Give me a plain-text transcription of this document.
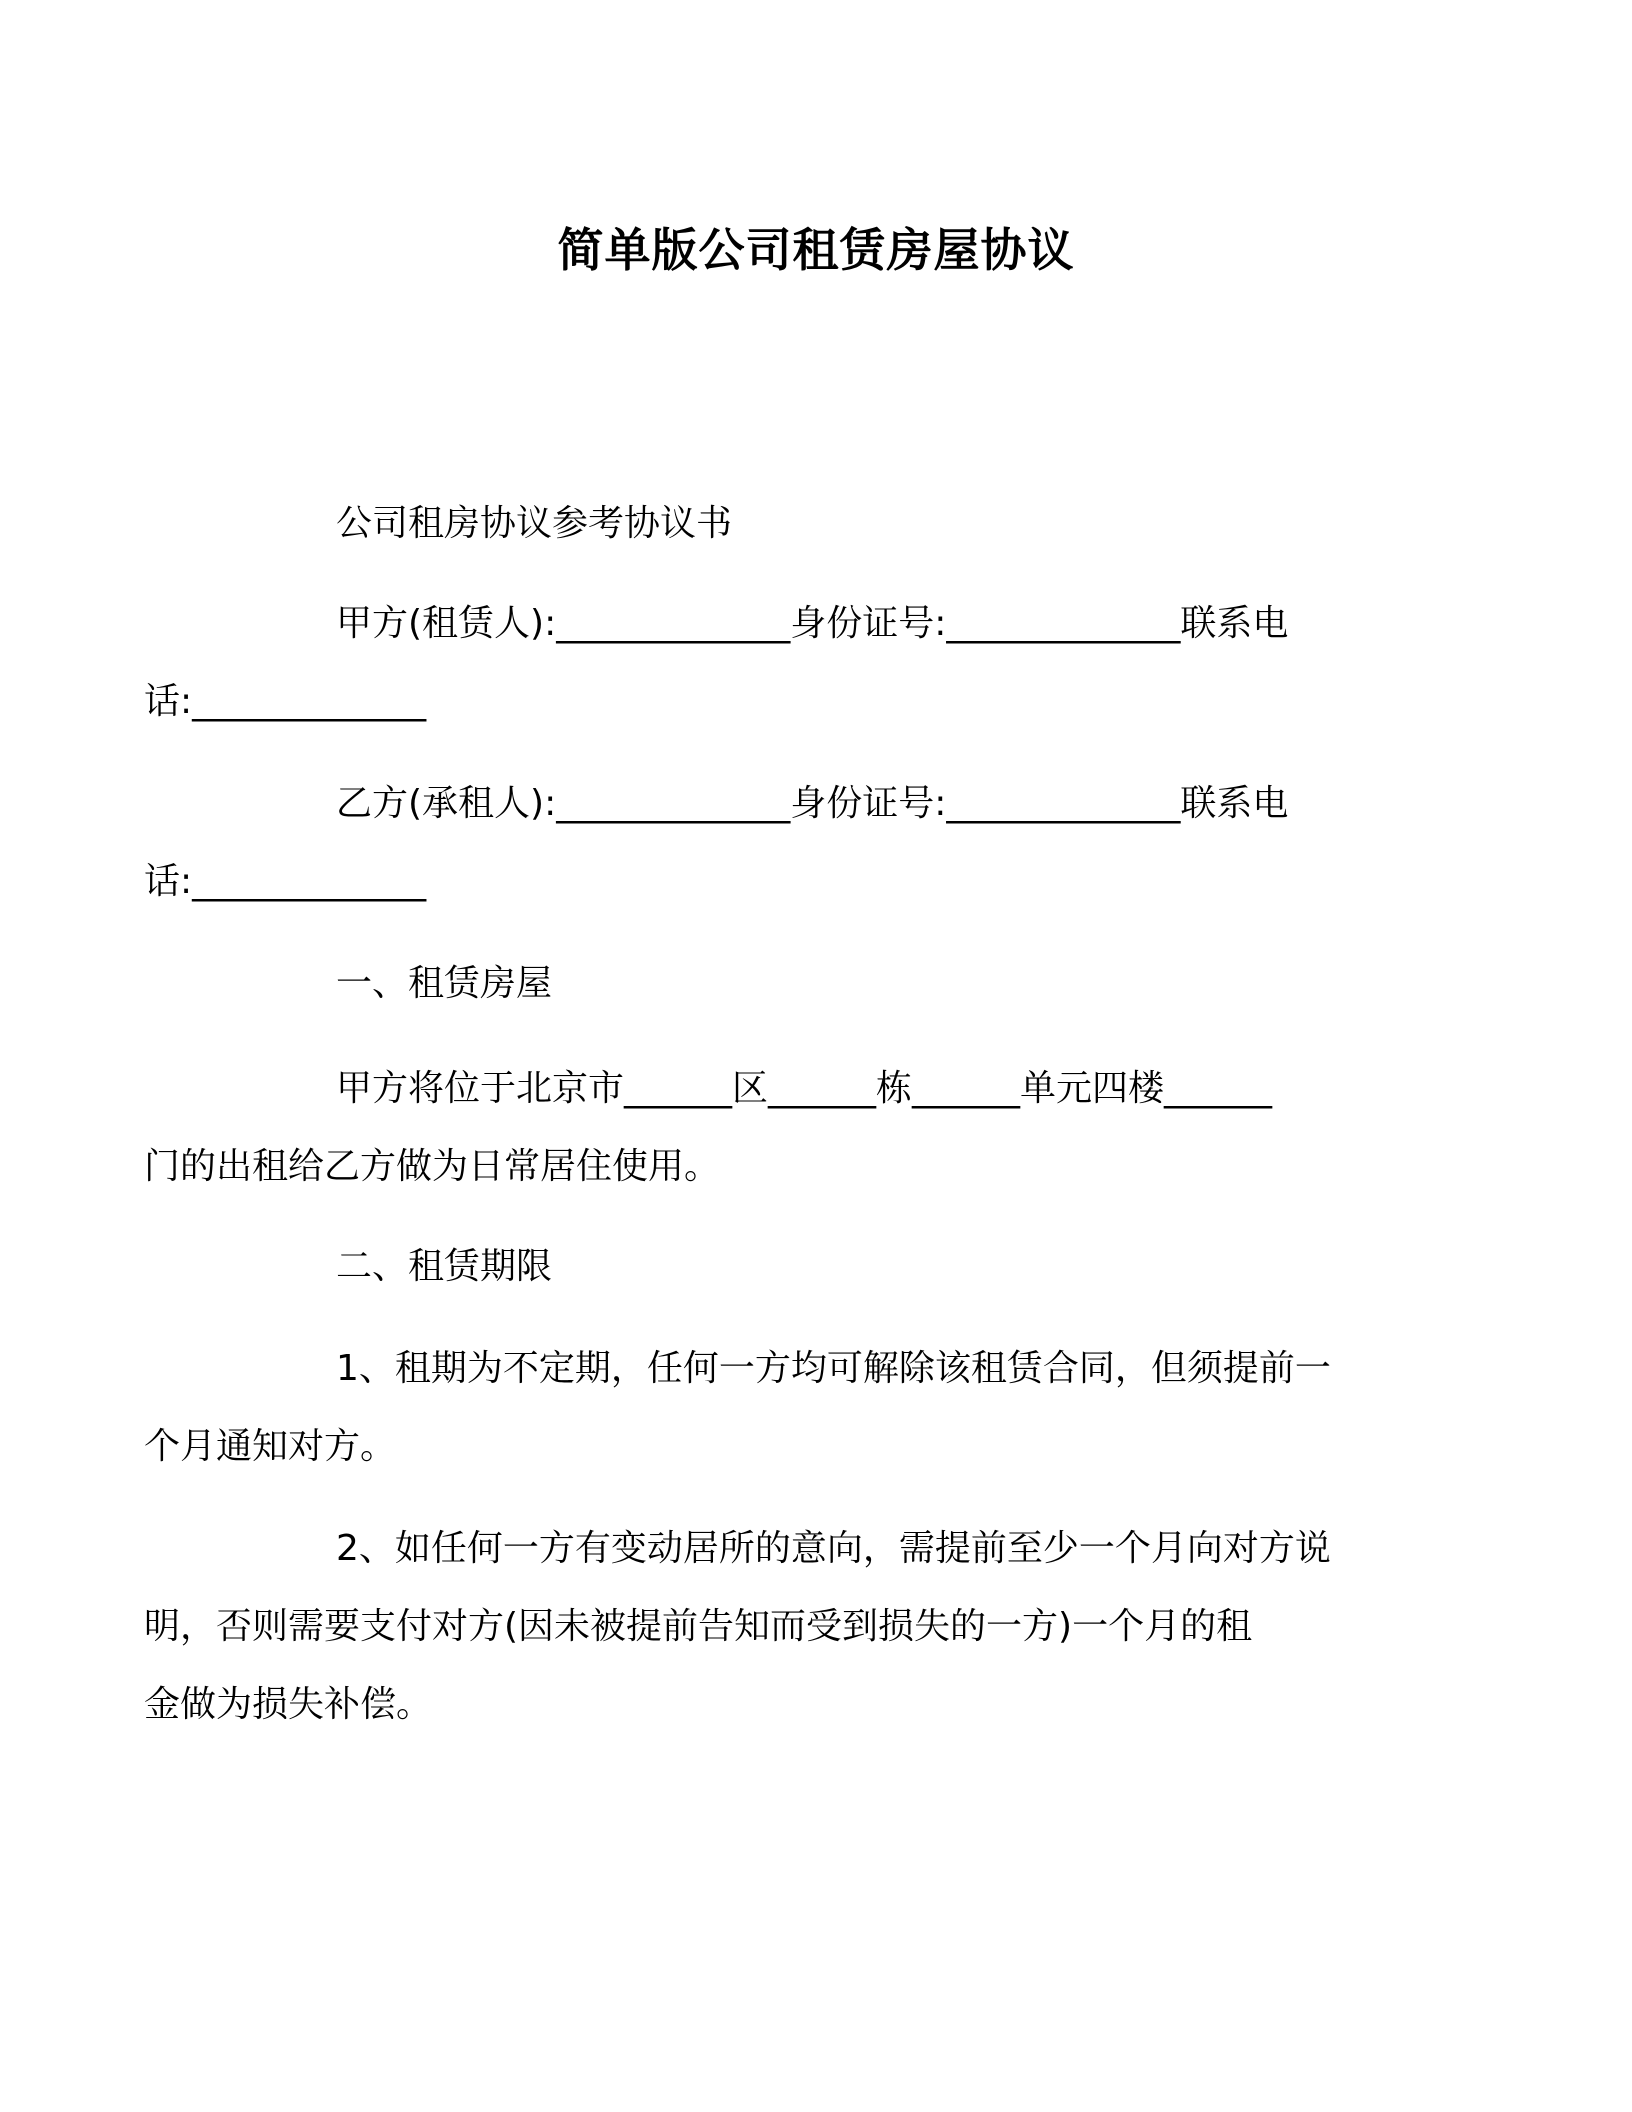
简单版公司租赁房屋协议
公司租房协议参考协议书
甲方(租赁人):_____________身份证号:_____________联系电
话:_____________
乙方(承租人):_____________身份证号:_____________联系电
话:_____________
一、租赁房屋
甲方将位于北京市______区______栋______单元四楼______
门的出租给乙方做为日常居住使用。
二、租赁期限
1、租期为不定期，任何一方均可解除该租赁合同，但须提前一
个月通知对方。
2、如任何一方有变动居所的意向，需提前至少一个月向对方说
明，否则需要支付对方(因未被提前告知而受到损失的一方)一个月的租
金做为损失补偿。
